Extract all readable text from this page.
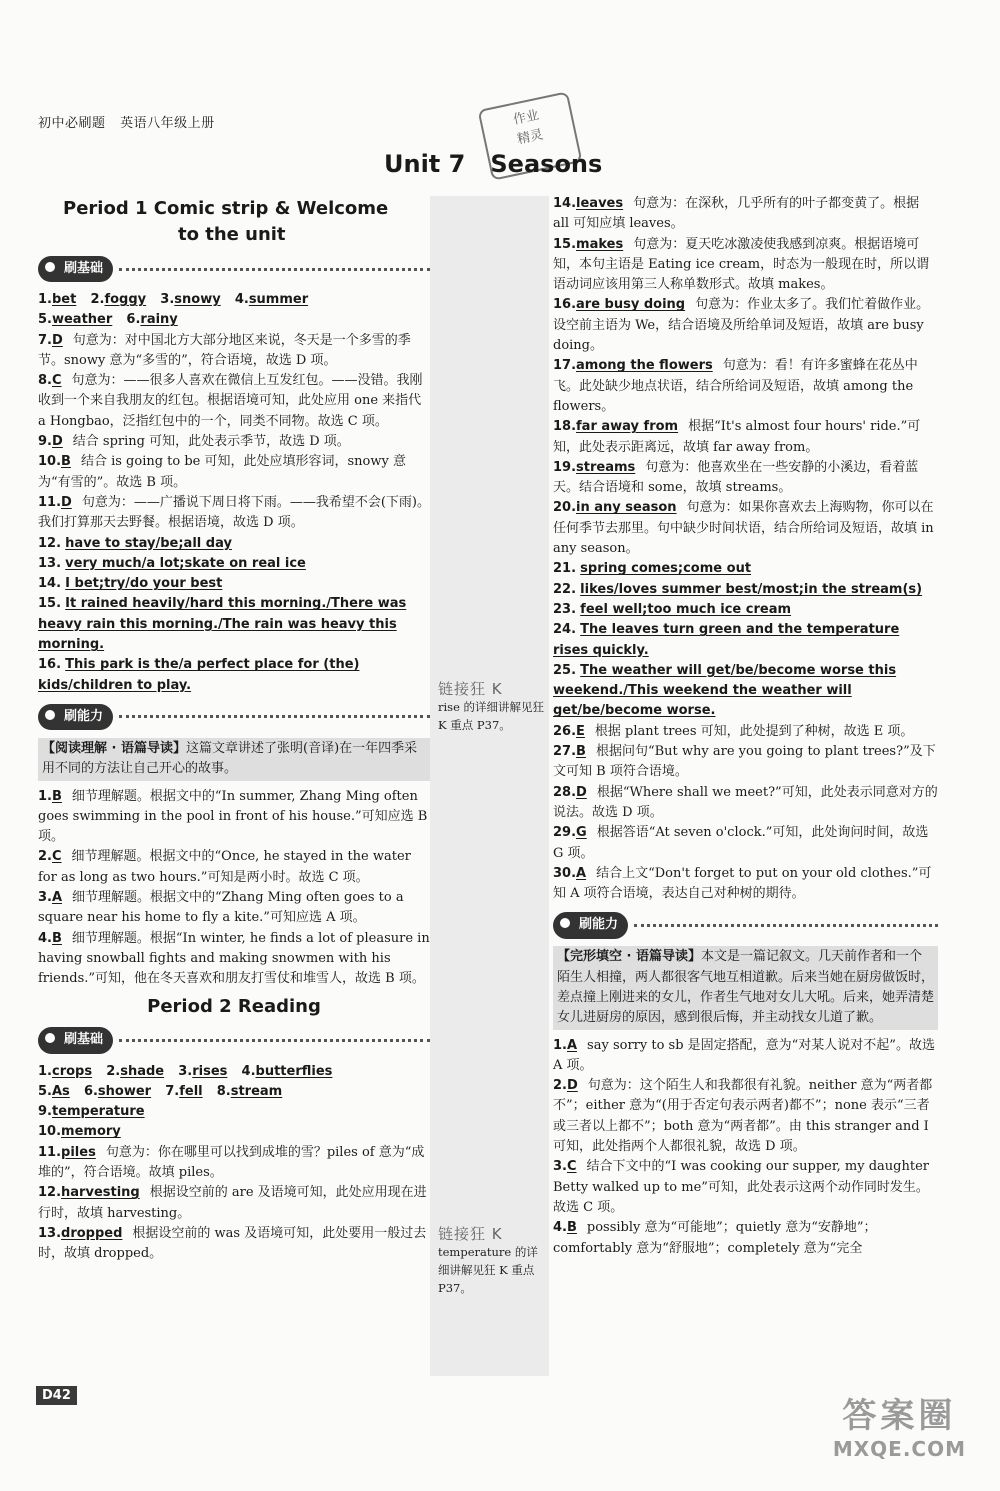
初中必刷题 英语八年级上册	作业
精灵
Unit 7   Seasons
链接狂 K
rise 的详细讲解见狂 K 重点 P37。
链接狂 K
temperature 的详细讲解见狂 K 重点 P37。
Period 1 Comic strip & Welcome
to the unit
刷基础
1.bet 2.foggy 3.snowy 4.summer
5.weather 6.rainy
7.D 句意为：对中国北方大部分地区来说，冬天是一个多雪的季节。snowy 意为“多雪的”，符合语境，故选 D 项。
8.C 句意为：——很多人喜欢在微信上互发红包。——没错。我刚收到一个来自我朋友的红包。根据语境可知，此处应用 one 来指代 a Hongbao，泛指红包中的一个，同类不同物。故选 C 项。
9.D 结合 spring 可知，此处表示季节，故选 D 项。
10.B 结合 is going to be 可知，此处应填形容词，snowy 意为“有雪的”。故选 B 项。
11.D 句意为：——广播说下周日将下雨。——我希望不会(下雨)。我们打算那天去野餐。根据语境，故选 D 项。
12. have to stay/be;all day
13. very much/a lot;skate on real ice
14. I bet;try/do your best
15. It rained heavily/hard this morning./There was heavy rain this morning./The rain was heavy this morning.
16. This park is the/a perfect place for (the) kids/children to play.
刷能力
【阅读理解 · 语篇导读】这篇文章讲述了张明(音译)在一年四季采用不同的方法让自己开心的故事。
1.B 细节理解题。根据文中的“In summer, Zhang Ming often goes swimming in the pool in front of his house.”可知应选 B 项。
2.C 细节理解题。根据文中的“Once, he stayed in the water for as long as two hours.”可知是两小时。故选 C 项。
3.A 细节理解题。根据文中的“Zhang Ming often goes to a square near his home to fly a kite.”可知应选 A 项。
4.B 细节理解题。根据“In winter, he finds a lot of pleasure in having snowball fights and making snowmen with his friends.”可知，他在冬天喜欢和朋友打雪仗和堆雪人，故选 B 项。
Period 2 Reading
刷基础
1.crops 2.shade 3.rises 4.butterflies
5.As 6.shower 7.fell 8.stream
9.temperature
10.memory
11.piles 句意为：你在哪里可以找到成堆的雪？piles of 意为“成堆的”，符合语境。故填 piles。
12.harvesting 根据设空前的 are 及语境可知，此处应用现在进行时，故填 harvesting。
13.dropped 根据设空前的 was 及语境可知，此处要用一般过去时，故填 dropped。
14.leaves 句意为：在深秋，几乎所有的叶子都变黄了。根据 all 可知应填 leaves。
15.makes 句意为：夏天吃冰激凌使我感到凉爽。根据语境可知，本句主语是 Eating ice cream，时态为一般现在时，所以谓语动词应该用第三人称单数形式。故填 makes。
16.are busy doing 句意为：作业太多了。我们忙着做作业。设空前主语为 We，结合语境及所给单词及短语，故填 are busy doing。
17.among the flowers 句意为：看！有许多蜜蜂在花丛中飞。此处缺少地点状语，结合所给词及短语，故填 among the flowers。
18.far away from 根据“It's almost four hours' ride.”可知，此处表示距离远，故填 far away from。
19.streams 句意为：他喜欢坐在一些安静的小溪边，看着蓝天。结合语境和 some，故填 streams。
20.in any season 句意为：如果你喜欢去上海购物，你可以在任何季节去那里。句中缺少时间状语，结合所给词及短语，故填 in any season。
21. spring comes;come out
22. likes/loves summer best/most;in the stream(s)
23. feel well;too much ice cream
24. The leaves turn green and the temperature rises quickly.
25. The weather will get/be/become worse this weekend./This weekend the weather will get/be/become worse.
26.E 根据 plant trees 可知，此处提到了种树，故选 E 项。
27.B 根据问句“But why are you going to plant trees?”及下文可知 B 项符合语境。
28.D 根据“Where shall we meet?”可知，此处表示同意对方的说法。故选 D 项。
29.G 根据答语“At seven o'clock.”可知，此处询问时间，故选 G 项。
30.A 结合上文“Don't forget to put on your old clothes.”可知 A 项符合语境，表达自己对种树的期待。
刷能力
【完形填空 · 语篇导读】本文是一篇记叙文。几天前作者和一个陌生人相撞，两人都很客气地互相道歉。后来当她在厨房做饭时，差点撞上刚进来的女儿，作者生气地对女儿大吼。后来，她弄清楚女儿进厨房的原因，感到很后悔，并主动找女儿道了歉。
1.A say sorry to sb 是固定搭配，意为“对某人说对不起”。故选 A 项。
2.D 句意为：这个陌生人和我都很有礼貌。neither 意为“两者都不”；either 意为“(用于否定句表示两者)都不”；none 表示“三者或三者以上都不”；both 意为“两者都”。由 this stranger and I 可知，此处指两个人都很礼貌，故选 D 项。
3.C 结合下文中的“I was cooking our supper, my daughter Betty walked up to me”可知，此处表示这两个动作同时发生。故选 C 项。
4.B possibly 意为“可能地”；quietly 意为“安静地”；comfortably 意为“舒服地”；completely 意为“完全
D42
答案圈
MXQE.COM
